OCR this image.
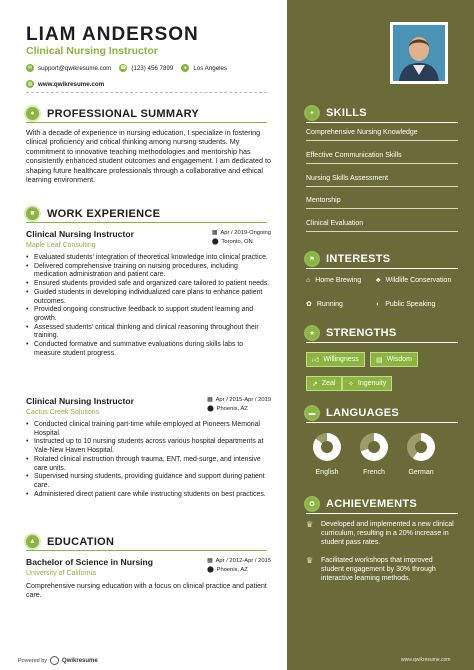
LIAM ANDERSON
Clinical Nursing Instructor
✉ support@qwikresume.com ☎ (123) 456 7899	●	Los Angeles
◎ www.qwikresume.com
●	PROFESSIONAL SUMMARY
With a decade of experience in nursing education, I specialize in fostering clinical proficiency and critical thinking among nursing students. My commitment to innovative teaching methodologies and mentorship has consistently enhanced student outcomes and engagement. I am dedicated to shaping future healthcare professionals through a collaborative and ethical learning environment.
■	WORK EXPERIENCE
Clinical Nursing Instructor
Maple Leaf Consulting
▦ Apr / 2019-Ongoing
⬤ Toronto, ON
• Evaluated students' integration of theoretical knowledge into clinical practice.
• Delivered comprehensive training on nursing procedures, including medication administration and patient care.
• Ensured students provided safe and organized care tailored to patient needs.
• Guided students in developing individualized care plans to enhance patient outcomes.
• Provided ongoing constructive feedback to support student learning and growth.
• Assessed students' critical thinking and clinical reasoning throughout their training.
• Conducted formative and summative evaluations during skills labs to measure student progress.
Clinical Nursing Instructor
Cactus Creek Solutions
▦ Apr / 2015-Apr / 2019
⬤ Phoenix, AZ
• Conducted clinical training part-time while employed at Pioneers Memorial Hospital.
• Instructed up to 10 nursing students across various hospital departments at Yale-New Haven Hospital.
• Rotated clinical instruction through trauma, ENT, med-surge, and intensive care units.
• Supervised nursing students, providing guidance and support during patient care.
• Administered direct patient care while instructing students on best practices.
▲ EDUCATION
Bachelor of Science in Nursing
University of California
▦ Apr / 2012-Apr / 2015
⬤ Phoenix, AZ
Comprehensive nursing education with a focus on clinical practice and patient care.
✦ SKILLS
Comprehensive Nursing Knowledge
Effective Communication Skills
Nursing Skills Assessment
Mentorship
Clinical Evaluation
⚑ INTERESTS
⌂ Home Brewing ♣ Wildlife Conservation
✿ Running	◐ Public Speaking
★ STRENGTHS
👍︎ Willingness ▤ Wisdom
↗ Zeal ✧ Ingenuity
▬ LANGUAGES
English	French	German
✪ ACHIEVEMENTS
♛ Developed and implemented a new clinical curriculum, resulting in a 20% increase in student pass rates.
♛ Facilitated workshops that improved student engagement by 30% through interactive learning methods.
Powered by	Qwikresume	www.qwikresume.com
